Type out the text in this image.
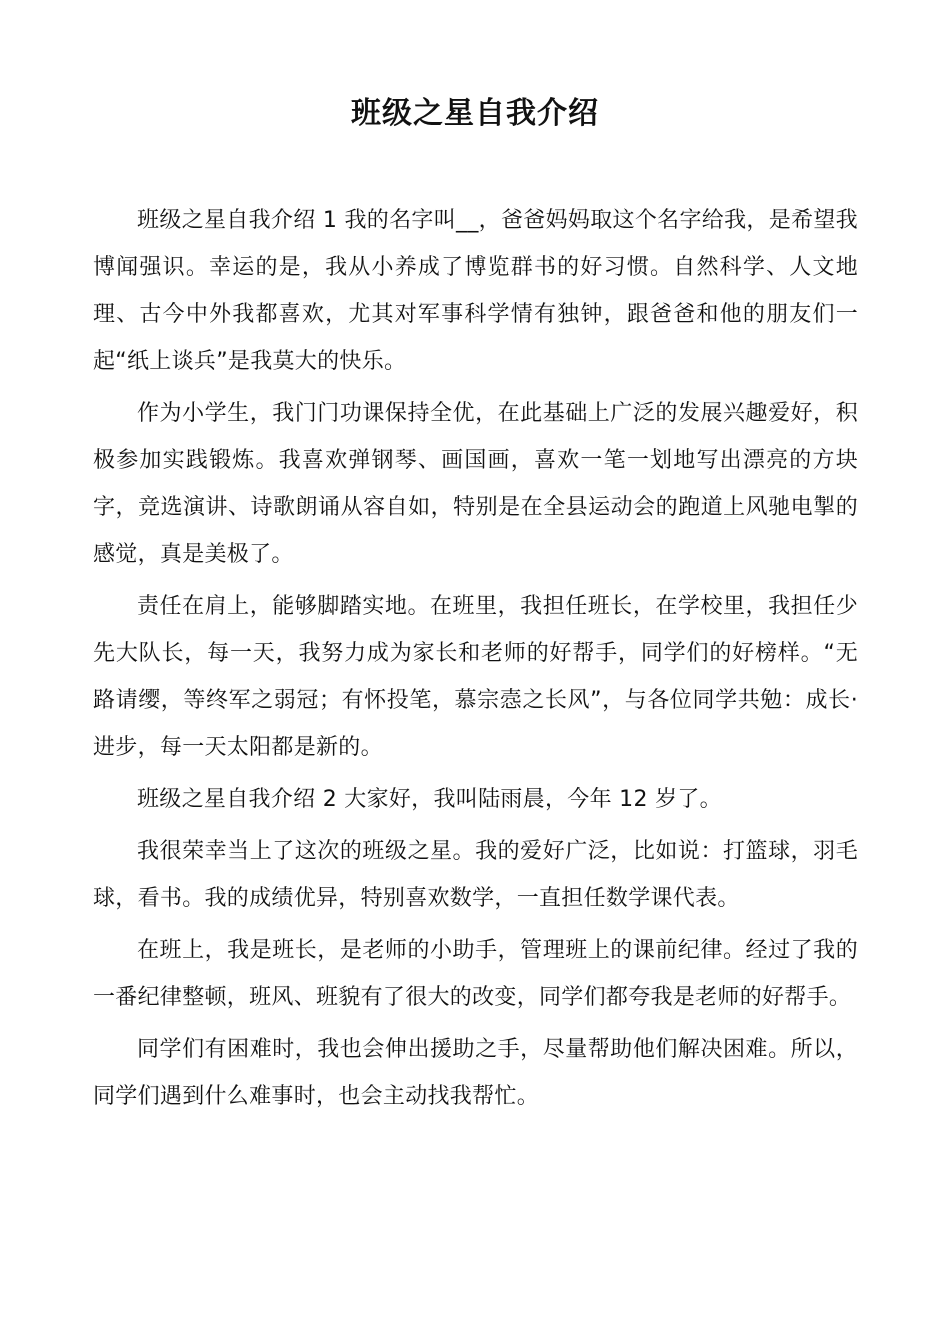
班级之星自我介绍

班级之星自我介绍 1 我的名字叫__，爸爸妈妈取这个名字给我，是希望我博闻强识。幸运的是，我从小养成了博览群书的好习惯。自然科学、人文地理、古今中外我都喜欢，尤其对军事科学情有独钟，跟爸爸和他的朋友们一起“纸上谈兵”是我莫大的快乐。

作为小学生，我门门功课保持全优，在此基础上广泛的发展兴趣爱好，积极参加实践锻炼。我喜欢弹钢琴、画国画，喜欢一笔一划地写出漂亮的方块字，竞选演讲、诗歌朗诵从容自如，特别是在全县运动会的跑道上风驰电掣的感觉，真是美极了。

责任在肩上，能够脚踏实地。在班里，我担任班长，在学校里，我担任少先大队长，每一天，我努力成为家长和老师的好帮手，同学们的好榜样。“无路请缨，等终军之弱冠；有怀投笔，慕宗悫之长风”，与各位同学共勉：成长·进步，每一天太阳都是新的。

班级之星自我介绍 2 大家好，我叫陆雨晨，今年 12 岁了。

我很荣幸当上了这次的班级之星。我的爱好广泛，比如说：打篮球，羽毛球，看书。我的成绩优异，特别喜欢数学，一直担任数学课代表。

在班上，我是班长，是老师的小助手，管理班上的课前纪律。经过了我的一番纪律整顿，班风、班貌有了很大的改变，同学们都夸我是老师的好帮手。

同学们有困难时，我也会伸出援助之手，尽量帮助他们解决困难。所以，同学们遇到什么难事时，也会主动找我帮忙。
